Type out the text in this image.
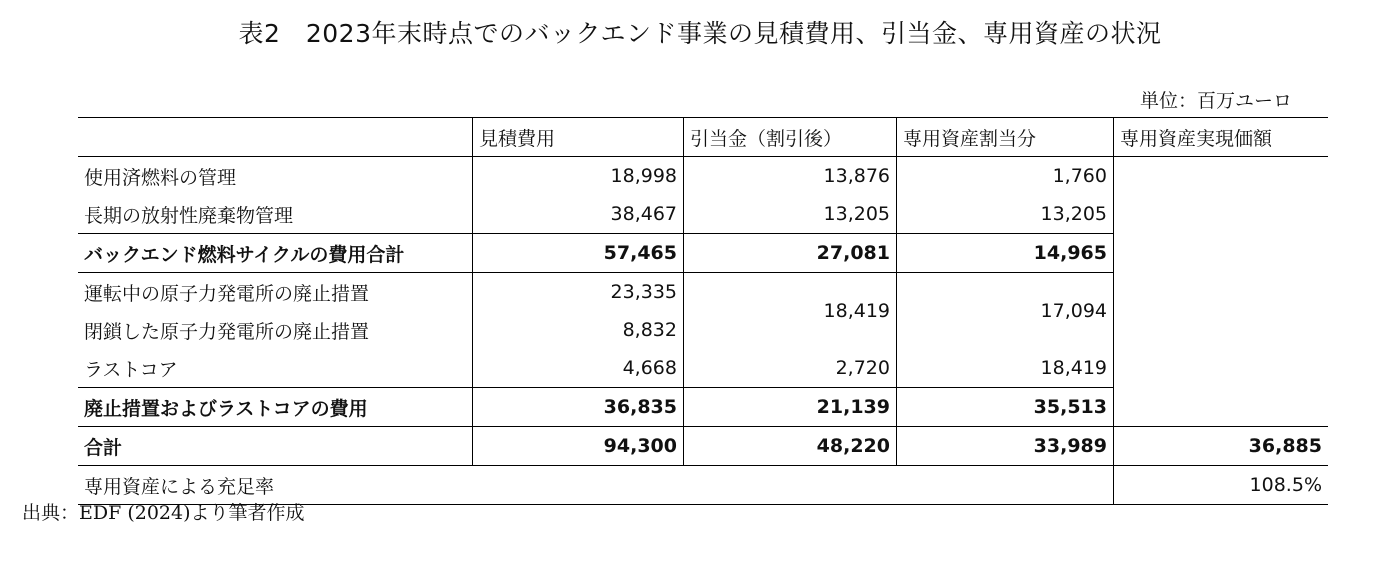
表2　2023年末時点でのバックエンド事業の見積費用、引当金、専用資産の状況
単位：百万ユーロ
	見積費用	引当金（割引後）	専用資産割当分	専用資産実現価額
使用済燃料の管理	18,998	13,876	1,760	
長期の放射性廃棄物管理	38,467	13,205	13,205	
バックエンド燃料サイクルの費用合計	57,465	27,081	14,965	
運転中の原子力発電所の廃止措置	23,335	18,419	17,094	
閉鎖した原子力発電所の廃止措置	8,832			
ラストコア	4,668	2,720	18,419	
廃止措置およびラストコアの費用	36,835	21,139	35,513	
合計	94,300	48,220	33,989	36,885
専用資産による充足率				108.5%
出典：EDF (2024)より筆者作成
